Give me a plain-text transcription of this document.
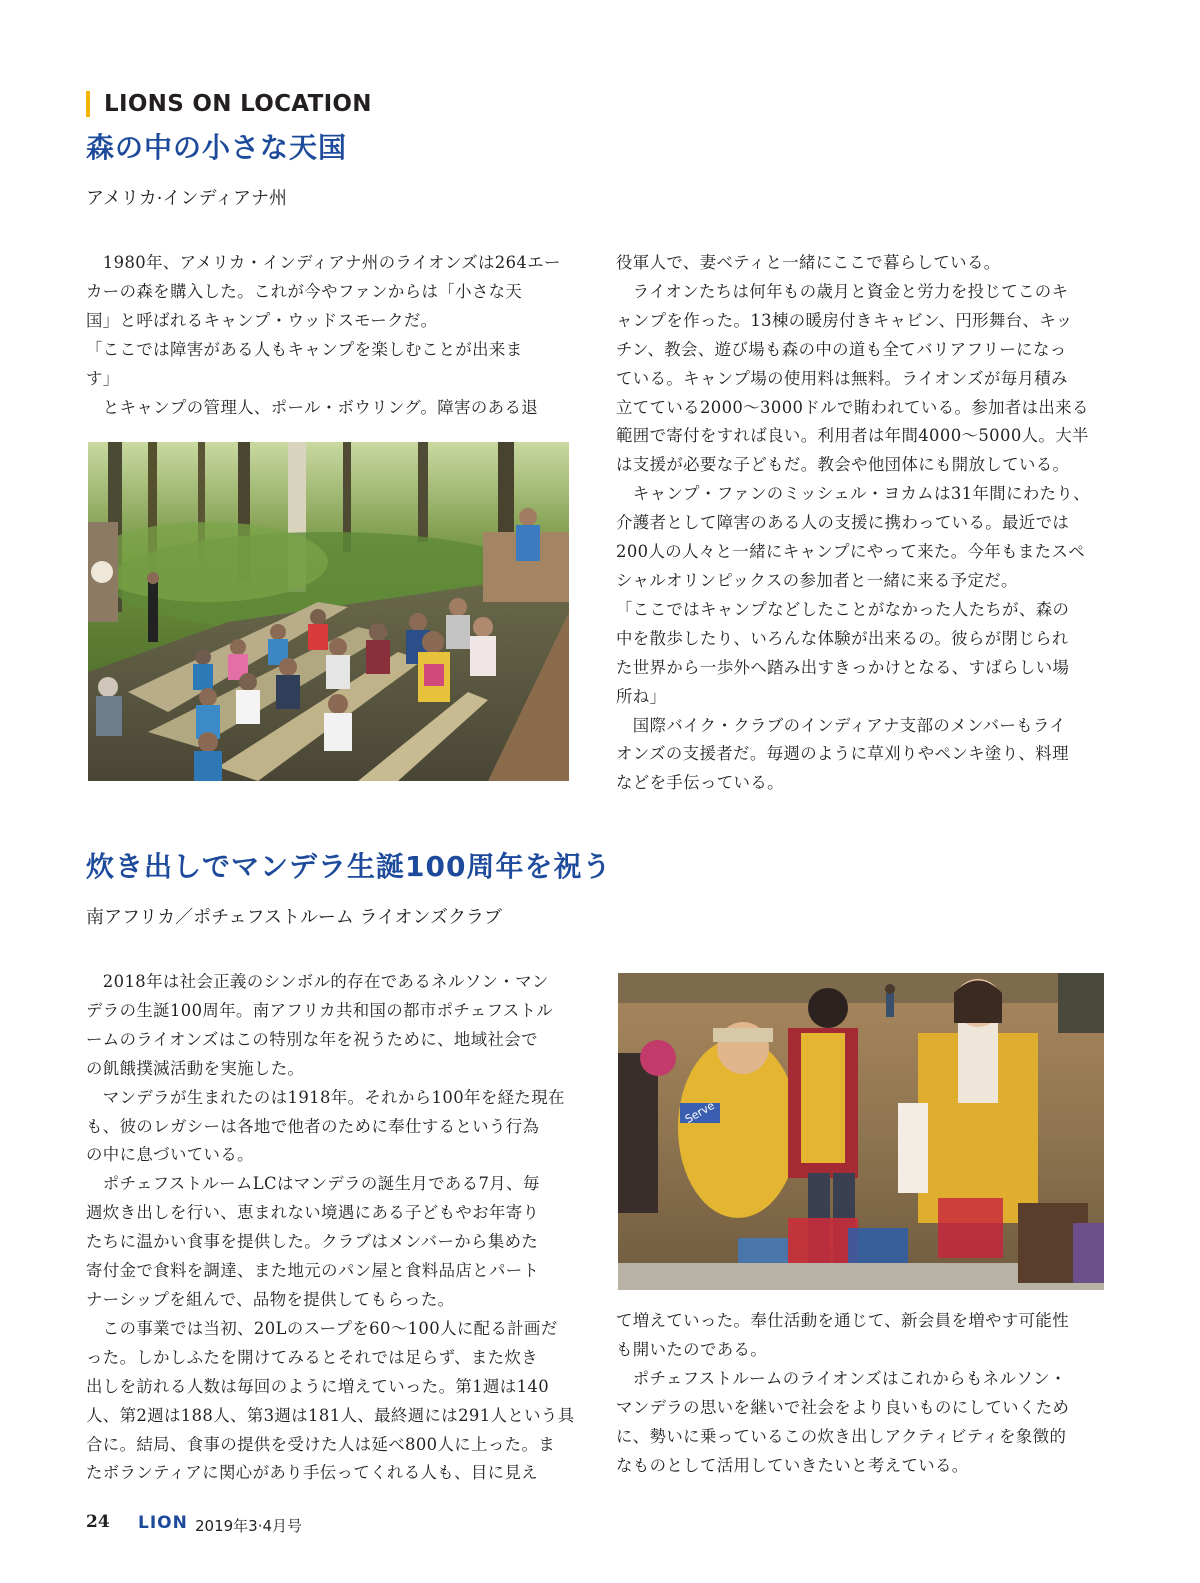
LIONS ON LOCATION
森の中の小さな天国
アメリカ·インディアナ州

　1980年、アメリカ・インディアナ州のライオンズは264エー

カーの森を購入した。これが今やファンからは「小さな天

国」と呼ばれるキャンプ・ウッドスモークだ。

「ここでは障害がある人もキャンプを楽しむことが出来ま

す」

　とキャンプの管理人、ポール・ボウリング。障害のある退

役軍人で、妻ベティと一緒にここで暮らしている。

　ライオンたちは何年もの歳月と資金と労力を投じてこのキ

ャンプを作った。13棟の暖房付きキャビン、円形舞台、キッ

チン、教会、遊び場も森の中の道も全てバリアフリーになっ

ている。キャンプ場の使用料は無料。ライオンズが毎月積み

立てている2000～3000ドルで賄われている。参加者は出来る

範囲で寄付をすれば良い。利用者は年間4000～5000人。大半

は支援が必要な子どもだ。教会や他団体にも開放している。

　キャンプ・ファンのミッシェル・ヨカムは31年間にわたり、

介護者として障害のある人の支援に携わっている。最近では

200人の人々と一緒にキャンプにやって来た。今年もまたスペ

シャルオリンピックスの参加者と一緒に来る予定だ。

「ここではキャンプなどしたことがなかった人たちが、森の

中を散歩したり、いろんな体験が出来るの。彼らが閉じられ

た世界から一歩外へ踏み出すきっかけとなる、すばらしい場

所ね」

　国際バイク・クラブのインディアナ支部のメンバーもライ

オンズの支援者だ。毎週のように草刈りやペンキ塗り、料理

などを手伝っている。

炊き出しでマンデラ生誕100周年を祝う
南アフリカ／ポチェフストルーム ライオンズクラブ

　2018年は社会正義のシンボル的存在であるネルソン・マン

デラの生誕100周年。南アフリカ共和国の都市ポチェフストル

ームのライオンズはこの特別な年を祝うために、地域社会で

の飢餓撲滅活動を実施した。

　マンデラが生まれたのは1918年。それから100年を経た現在

も、彼のレガシーは各地で他者のために奉仕するという行為

の中に息づいている。

　ポチェフストルームLCはマンデラの誕生月である7月、毎

週炊き出しを行い、恵まれない境遇にある子どもやお年寄り

たちに温かい食事を提供した。クラブはメンバーから集めた

寄付金で食料を調達、また地元のパン屋と食料品店とパート

ナーシップを組んで、品物を提供してもらった。

　この事業では当初、20Lのスープを60～100人に配る計画だ

った。しかしふたを開けてみるとそれでは足らず、また炊き

出しを訪れる人数は毎回のように増えていった。第1週は140

人、第2週は188人、第3週は181人、最終週には291人という具

合に。結局、食事の提供を受けた人は延べ800人に上った。ま

たボランティアに関心があり手伝ってくれる人も、目に見え

Serve

て増えていった。奉仕活動を通じて、新会員を増やす可能性

も開いたのである。

　ポチェフストルームのライオンズはこれからもネルソン・

マンデラの思いを継いで社会をより良いものにしていくため

に、勢いに乗っているこの炊き出しアクティビティを象徴的

なものとして活用していきたいと考えている。

24 LION 2019年3·4月号
